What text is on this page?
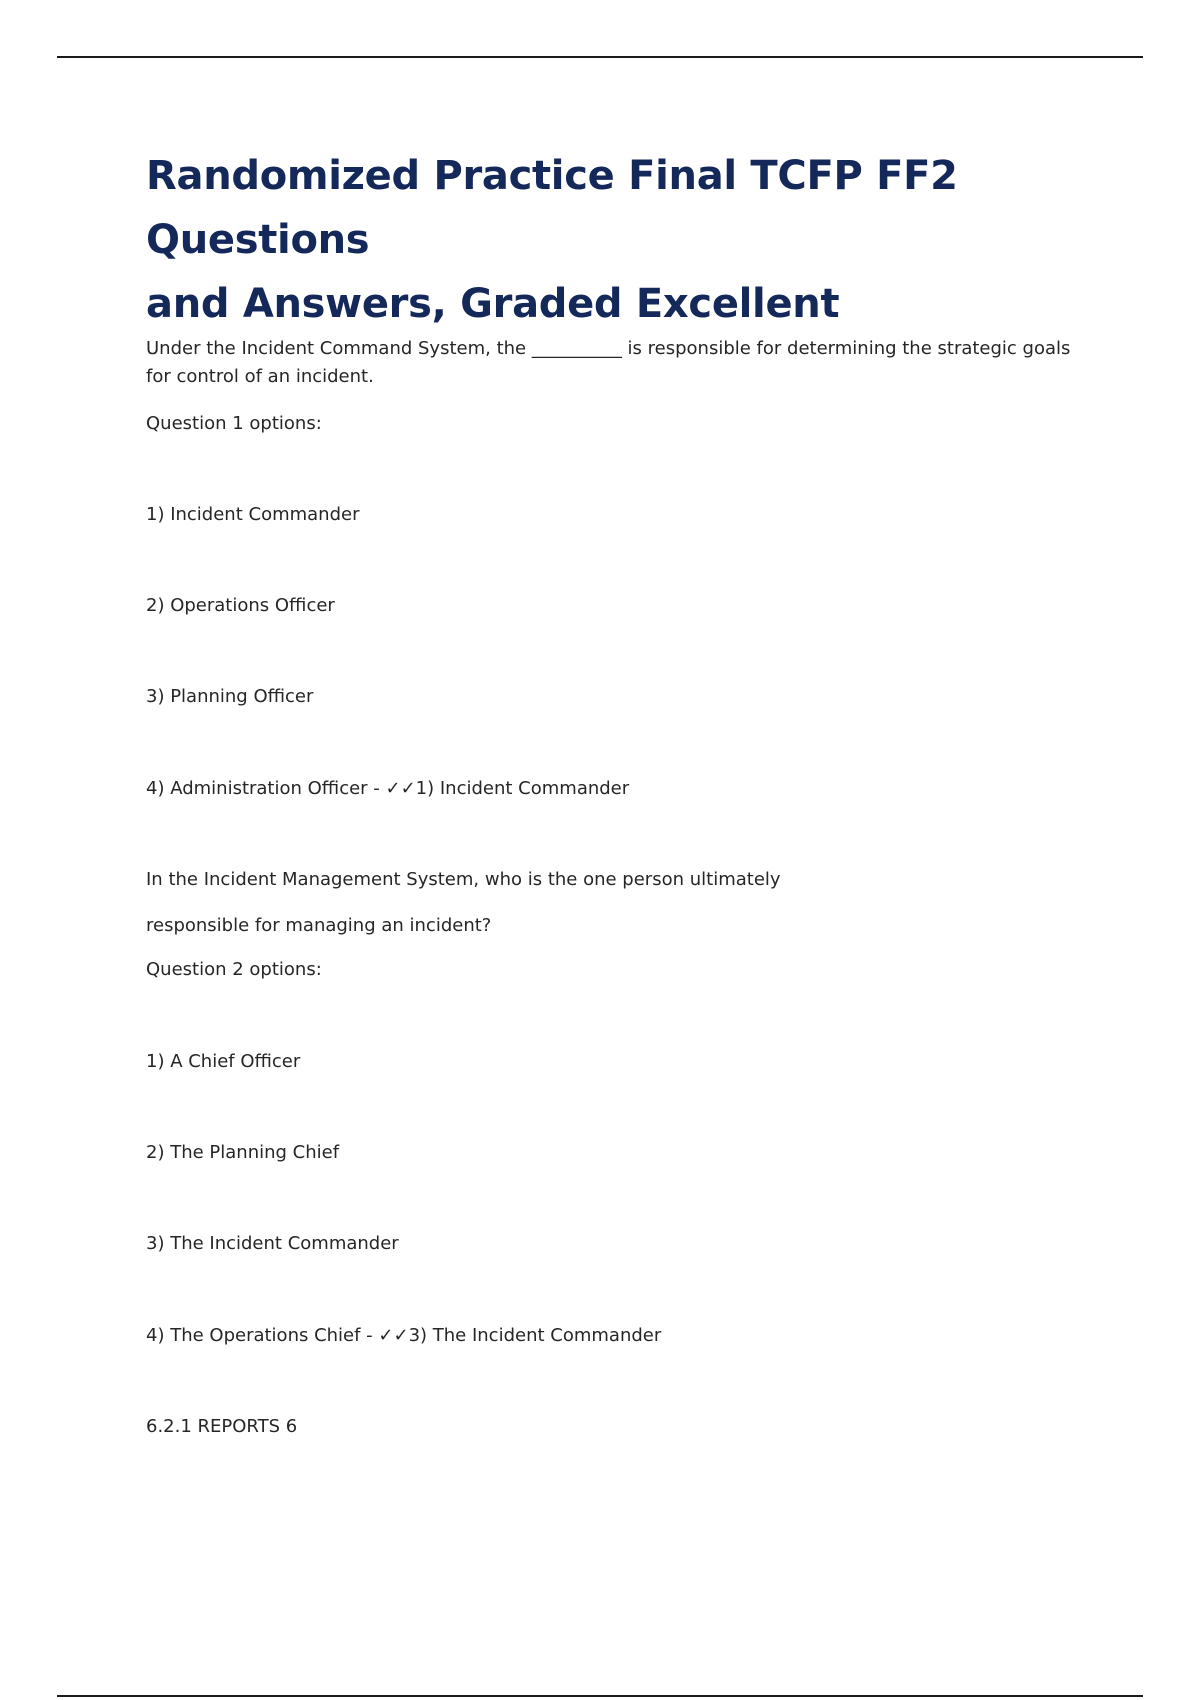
Randomized Practice Final TCFP FF2 Questions
and Answers, Graded Excellent

Under the Incident Command System, the __________ is responsible for determining the strategic goals for control of an incident.

Question 1 options:

1) Incident Commander

2) Operations Officer

3) Planning Officer

4) Administration Officer - ✓✓1) Incident Commander

In the Incident Management System, who is the one person ultimately

responsible for managing an incident?

Question 2 options:

1) A Chief Officer

2) The Planning Chief

3) The Incident Commander

4) The Operations Chief - ✓✓3) The Incident Commander

6.2.1 REPORTS 6
